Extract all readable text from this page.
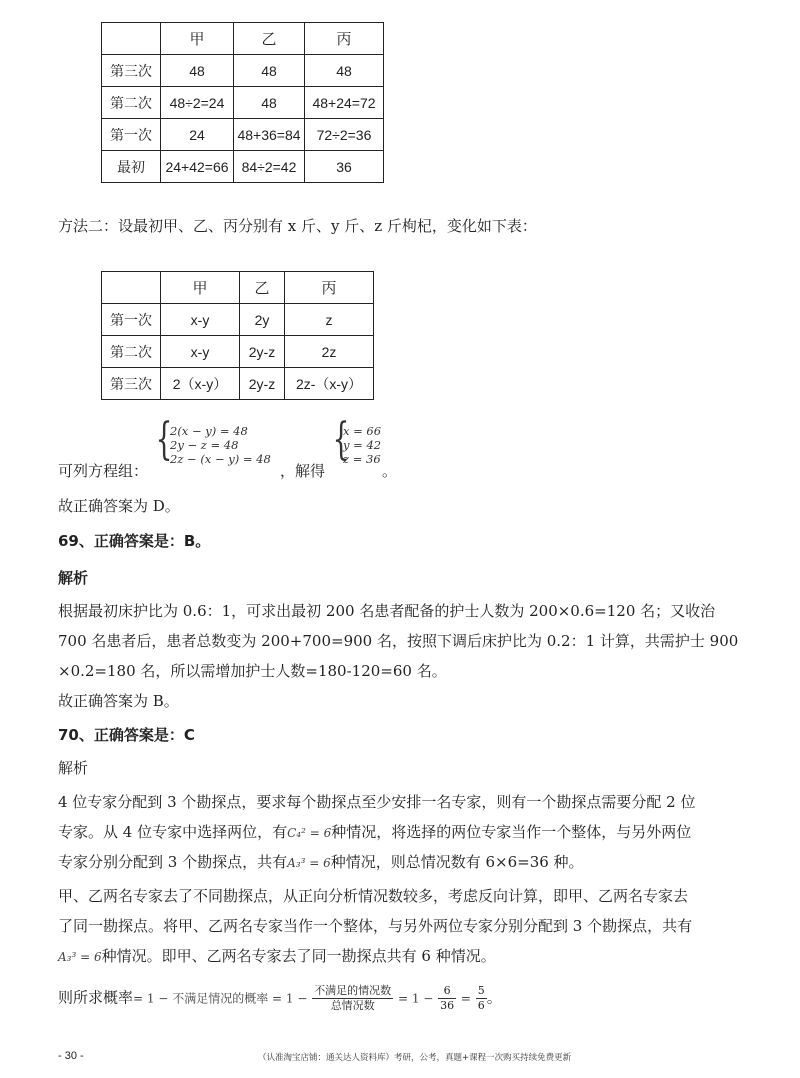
	甲	乙	丙
第三次	48	48	48
第二次	48÷2=24	48	48+24=72
第一次	24	48+36=84	72÷2=36
最初	24+42=66	84÷2=42	36
方法二：设最初甲、乙、丙分别有 x 斤、y 斤、z 斤枸杞，变化如下表：
	甲	乙	丙
第一次	x-y	2y	z
第二次	x-y	2y-z	2z
第三次	2（x-y）	2y-z	2z-（x-y）
可列方程组：
{
2(x − y) = 48
2y − z = 48
2z − (x − y) = 48
，解得
{
x = 66
y = 42
z = 36
。
故正确答案为 D。
69、正确答案是：B。
解析
根据最初床护比为 0.6：1，可求出最初 200 名患者配备的护士人数为 200×0.6=120 名；又收治
700 名患者后，患者总数变为 200+700=900 名，按照下调后床护比为 0.2：1 计算，共需护士 900
×0.2=180 名，所以需增加护士人数=180-120=60 名。
故正确答案为 B。
70、正确答案是：C
解析
4 位专家分配到 3 个勘探点，要求每个勘探点至少安排一名专家，则有一个勘探点需要分配 2 位
专家。从 4 位专家中选择两位，有C₄² = 6种情况，将选择的两位专家当作一个整体，与另外两位
专家分别分配到 3 个勘探点，共有A₃³ = 6种情况，则总情况数有 6×6=36 种。
甲、乙两名专家去了不同勘探点，从正向分析情况数较多，考虑反向计算，即甲、乙两名专家去
了同一勘探点。将甲、乙两名专家当作一个整体，与另外两位专家分别分配到 3 个勘探点，共有
A₃³ = 6种情况。即甲、乙两名专家去了同一勘探点共有 6 种情况。
则所求概率= 1 − 不满足情况的概率 = $1 - \frac{\text{不满足的情况数}}{\text{总情况数}} = 1 - \frac{6}{36} = \frac{5}{6}$ 。
- 30 -	（认准淘宝店铺：通关达人资料库）考研，公考，真题+课程一次购买持续免费更新
